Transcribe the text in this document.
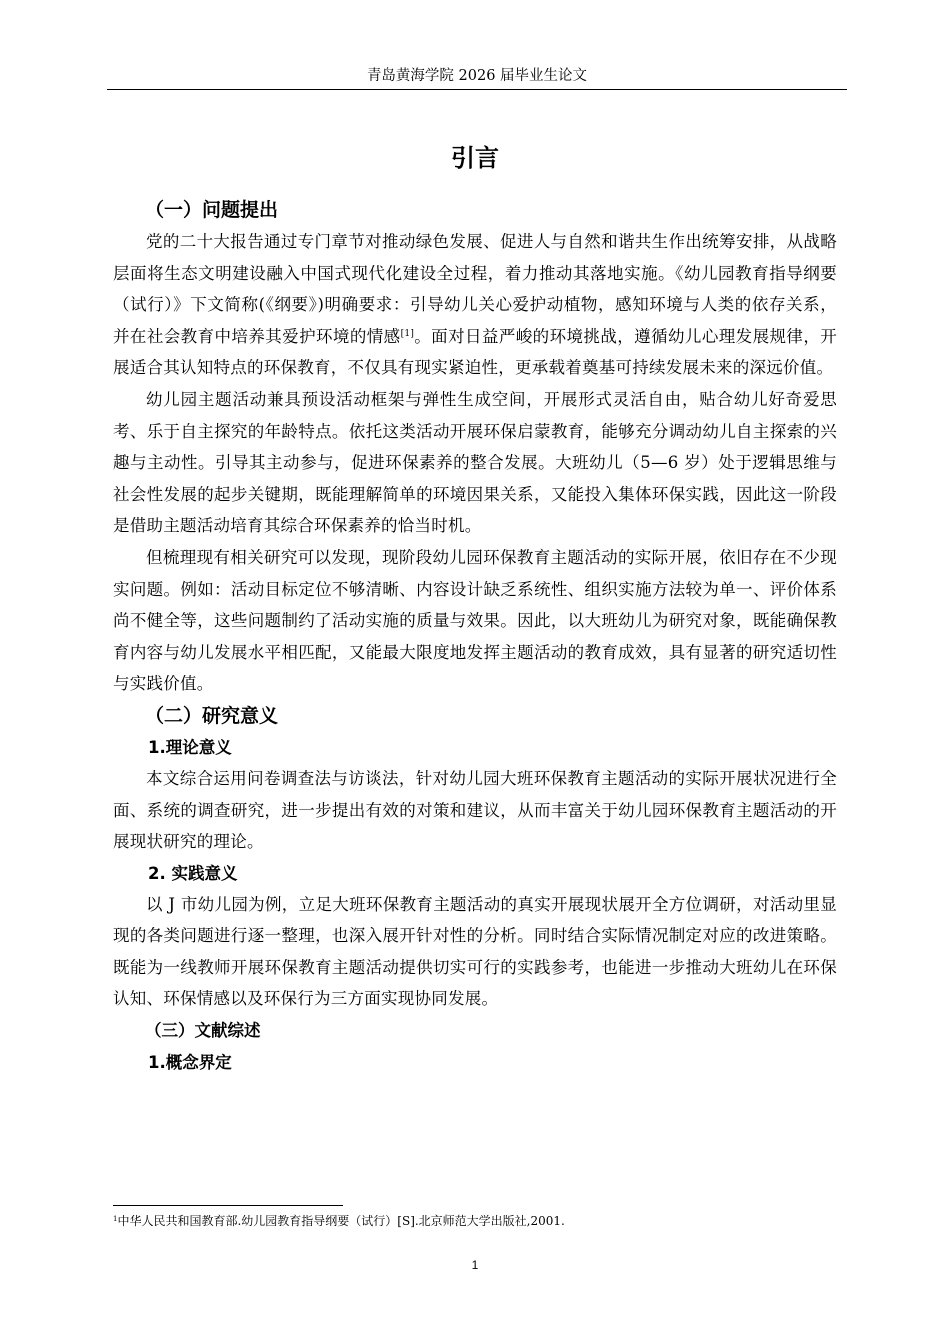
青岛黄海学院 2026 届毕业生论文
引言
（一）问题提出

党的二十大报告通过专门章节对推动绿色发展、促进人与自然和谐共生作出统筹安排，从战略层面将生态文明建设融入中国式现代化建设全过程，着力推动其落地实施。《幼儿园教育指导纲要（试行）》下文简称(《纲要》)明确要求：引导幼儿关心爱护动植物，感知环境与人类的依存关系，并在社会教育中培养其爱护环境的情感[1]。面对日益严峻的环境挑战，遵循幼儿心理发展规律，开展适合其认知特点的环保教育，不仅具有现实紧迫性，更承载着奠基可持续发展未来的深远价值。

幼儿园主题活动兼具预设活动框架与弹性生成空间，开展形式灵活自由，贴合幼儿好奇爱思考、乐于自主探究的年龄特点。依托这类活动开展环保启蒙教育，能够充分调动幼儿自主探索的兴趣与主动性。引导其主动参与，促进环保素养的整合发展。大班幼儿（5—6 岁）处于逻辑思维与社会性发展的起步关键期，既能理解简单的环境因果关系，又能投入集体环保实践，因此这一阶段是借助主题活动培育其综合环保素养的恰当时机。

但梳理现有相关研究可以发现，现阶段幼儿园环保教育主题活动的实际开展，依旧存在不少现实问题。例如：活动目标定位不够清晰、内容设计缺乏系统性、组织实施方法较为单一、评价体系尚不健全等，这些问题制约了活动实施的质量与效果。因此，以大班幼儿为研究对象，既能确保教育内容与幼儿发展水平相匹配，又能最大限度地发挥主题活动的教育成效，具有显著的研究适切性与实践价值。

（二）研究意义
1.理论意义

本文综合运用问卷调查法与访谈法，针对幼儿园大班环保教育主题活动的实际开展状况进行全面、系统的调查研究，进一步提出有效的对策和建议，从而丰富关于幼儿园环保教育主题活动的开展现状研究的理论。

2. 实践意义

以 J 市幼儿园为例，立足大班环保教育主题活动的真实开展现状展开全方位调研，对活动里显现的各类问题进行逐一整理，也深入展开针对性的分析。同时结合实际情况制定对应的改进策略。既能为一线教师开展环保教育主题活动提供切实可行的实践参考，也能进一步推动大班幼儿在环保认知、环保情感以及环保行为三方面实现协同发展。

（三）文献综述
1.概念界定
$^1$中华人民共和国教育部.幼儿园教育指导纲要（试行）[S].北京师范大学出版社,2001.
1
